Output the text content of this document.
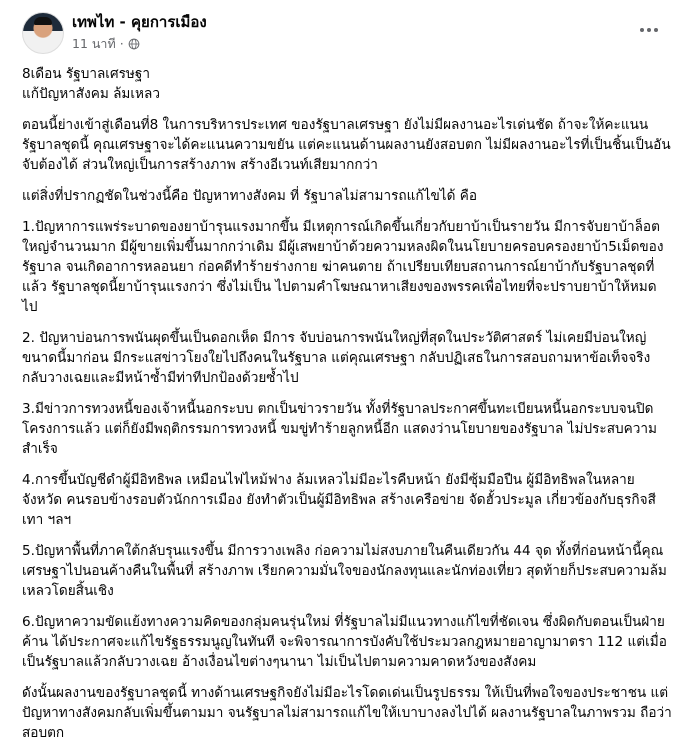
เทพไท - คุยการเมือง
11 นาที ·

8เดือน รัฐบาลเศรษฐา
แก้ปัญหาสังคม ล้มเหลว

ตอนนี้ย่างเข้าสู่เดือนที่8 ในการบริหารประเทศ ของรัฐบาลเศรษฐา ยังไม่มีผลงานอะไรเด่นชัด ถ้าจะให้คะแนน รัฐบาลชุดนี้ คุณเศรษฐาจะได้คะแนนความขยัน แต่คะแนนด้านผลงานยังสอบตก ไม่มีผลงานอะไรที่เป็นชิ้นเป็นอันจับต้องได้ ส่วนใหญ่เป็นการสร้างภาพ สร้างอีเวนท์เสียมากกว่า

แต่สิ่งที่ปรากฏชัดในช่วงนี้คือ ปัญหาทางสังคม ที่ รัฐบาลไม่สามารถแก้ไขได้ คือ

1.ปัญหาการแพร่ระบาดของยาบ้ารุนแรงมากขึ้น มีเหตุการณ์เกิดขึ้นเกี่ยวกับยาบ้าเป็นรายวัน มีการจับยาบ้าล็อตใหญ่จำนวนมาก มีผู้ขายเพิ่มขึ้นมากกว่าเดิม มีผู้เสพยาบ้าด้วยความหลงผิดในนโยบายครอบครองยาบ้า5เม็ดของรัฐบาล จนเกิดอาการหลอนยา ก่อคดีทำร้ายร่างกาย ฆ่าคนตาย ถ้าเปรียบเทียบสถานการณ์ยาบ้ากับรัฐบาลชุดที่แล้ว รัฐบาลชุดนี้ยาบ้ารุนแรงกว่า ซึ่งไม่เป็น ไปตามคำโฆษณาหาเสียงของพรรคเพื่อไทยที่จะปราบยาบ้าให้หมดไป

2. ปัญหาบ่อนการพนันผุดขึ้นเป็นดอกเห็ด มีการ จับบ่อนการพนันใหญ่ที่สุดในประวัติศาสตร์ ไม่เคยมีบ่อนใหญ่ขนาดนี้มาก่อน มีกระแสข่าวโยงใยไปถึงคนในรัฐบาล แต่คุณเศรษฐา กลับปฏิเสธในการสอบถามหาข้อเท็จจริง กลับวางเฉยและมีหน้าซ้ำมีท่าทีปกป้องด้วยซ้ำไป

3.มีข่าวการทวงหนี้ของเจ้าหนี้นอกระบบ ตกเป็นข่าวรายวัน ทั้งที่รัฐบาลประกาศขึ้นทะเบียนหนี้นอกระบบจนปิดโครงการแล้ว แต่ก็ยังมีพฤติกรรมการทวงหนี้ ขมขู่ทำร้ายลูกหนี้อีก แสดงว่านโยบายของรัฐบาล ไม่ประสบความสำเร็จ

4.การขึ้นบัญชีดำผู้มีอิทธิพล เหมือนไฟไหม้ฟาง ล้มเหลวไม่มีอะไรคืบหน้า ยังมีซุ้มมือปืน ผู้มีอิทธิพลในหลายจังหวัด คนรอบข้างรอบตัวนักการเมือง ยังทำตัวเป็นผู้มีอิทธิพล สร้างเครือข่าย จัดฮั้วประมูล เกี่ยวข้องกับธุรกิจสีเทา ฯลฯ

5.ปัญหาพื้นที่ภาคใต้กลับรุนแรงขึ้น มีการวางเพลิง ก่อความไม่สงบภายในคืนเดียวกัน 44 จุด ทั้งที่ก่อนหน้านี้คุณเศรษฐาไปนอนค้างคืนในพื้นที่ สร้างภาพ เรียกความมั่นใจของนักลงทุนและนักท่องเที่ยว สุดท้ายก็ประสบความล้มเหลวโดยสิ้นเชิง

6.ปัญหาความขัดแย้งทางความคิดของกลุ่มคนรุ่นใหม่ ที่รัฐบาลไม่มีแนวทางแก้ไขที่ชัดเจน ซึ่งผิดกับตอนเป็นฝ่ายค้าน ได้ประกาศจะแก้ไขรัฐธรรมนูญในทันที จะพิจารณาการบังคับใช้ประมวลกฎหมายอาญามาตรา 112 แต่เมื่อเป็นรัฐบาลแล้วกลับวางเฉย อ้างเงื่อนไขต่างๆนานา ไม่เป็นไปตามความคาดหวังของสังคม

ดังนั้นผลงานของรัฐบาลชุดนี้ ทางด้านเศรษฐกิจยังไม่มีอะไรโดดเด่นเป็นรูปธรรม ให้เป็นที่พอใจของประชาชน แต่ปัญหาทางสังคมกลับเพิ่มขึ้นตามมา จนรัฐบาลไม่สามารถแก้ไขให้เบาบางลงไปได้ ผลงานรัฐบาลในภาพรวม ถือว่า สอบตก
